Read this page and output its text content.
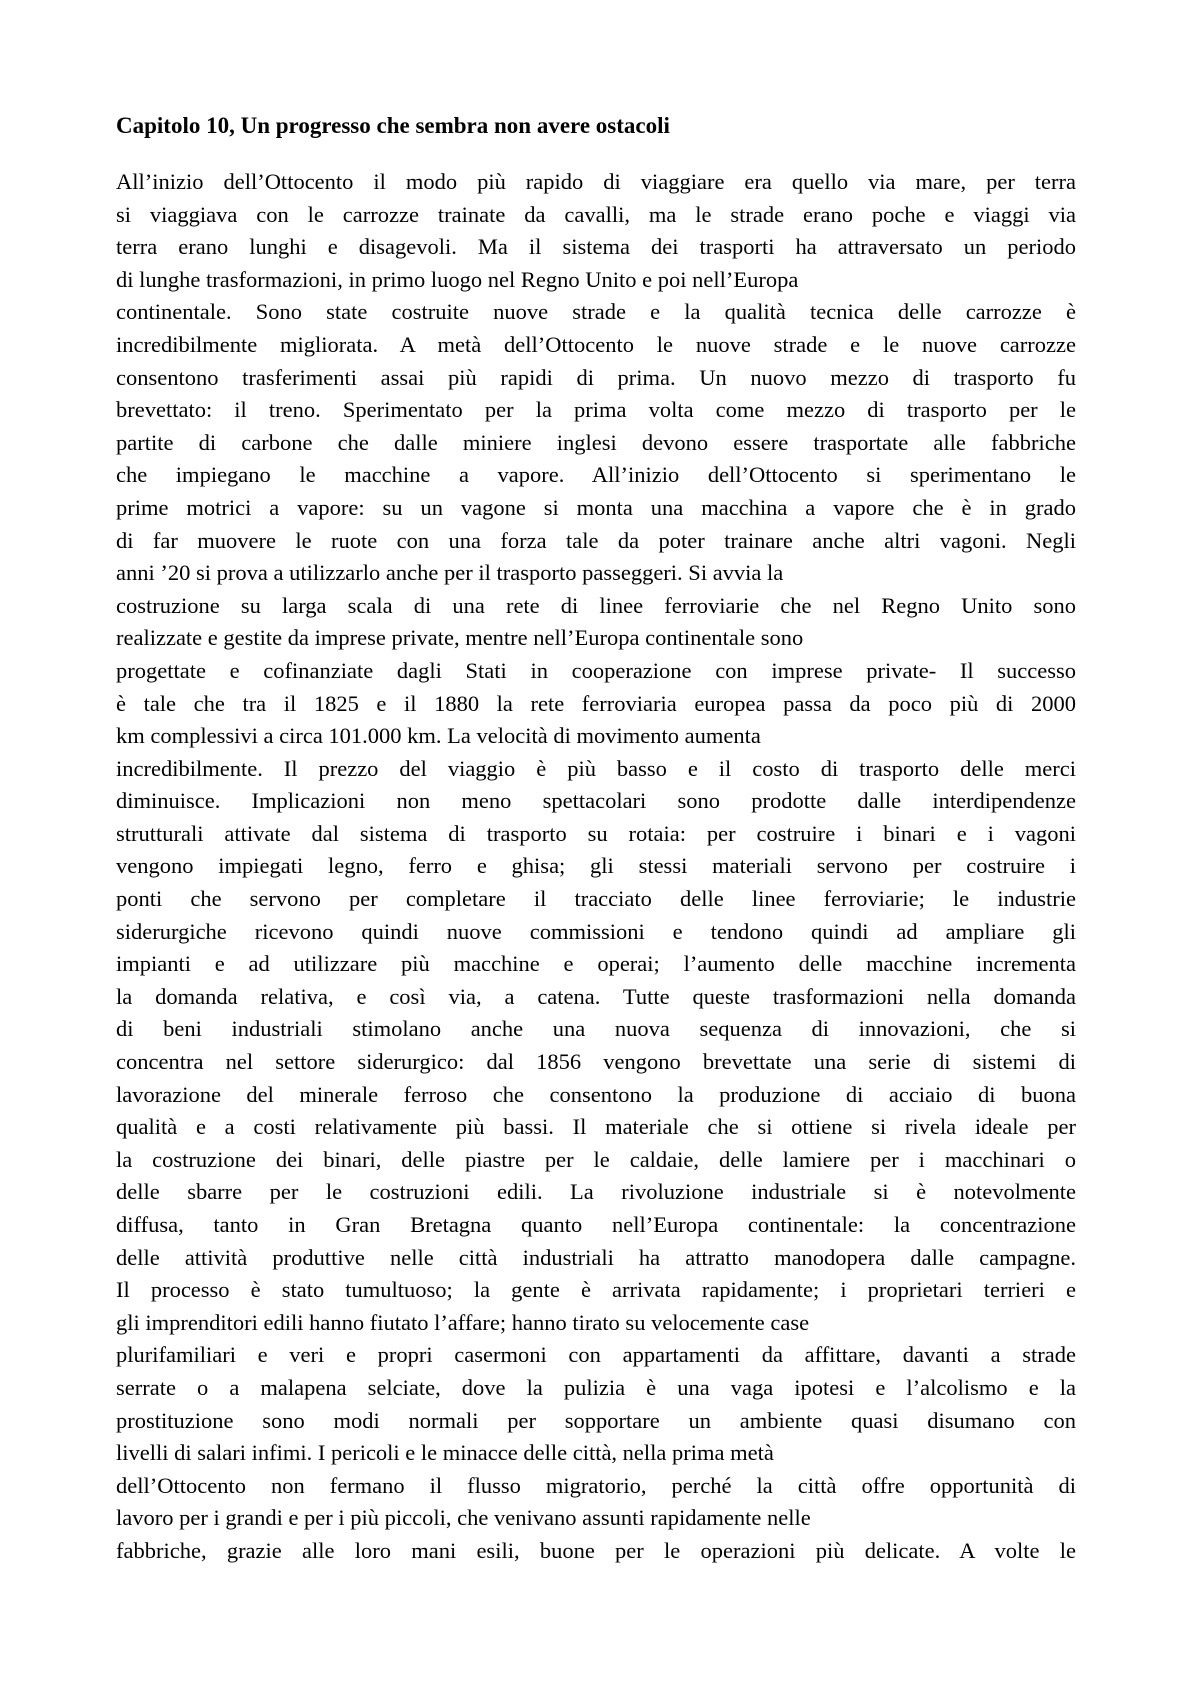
Capitolo 10, Un progresso che sembra non avere ostacoli
All’inizio dell’Ottocento il modo più rapido di viaggiare era quello via mare, per terra
si viaggiava con le carrozze trainate da cavalli, ma le strade erano poche e viaggi via
terra erano lunghi e disagevoli. Ma il sistema dei trasporti ha attraversato un periodo
di lunghe trasformazioni, in primo luogo nel Regno Unito e poi nell’Europa
continentale. Sono state costruite nuove strade e la qualità tecnica delle carrozze è
incredibilmente migliorata. A metà dell’Ottocento le nuove strade e le nuove carrozze
consentono trasferimenti assai più rapidi di prima. Un nuovo mezzo di trasporto fu
brevettato: il treno. Sperimentato per la prima volta come mezzo di trasporto per le
partite di carbone che dalle miniere inglesi devono essere trasportate alle fabbriche
che impiegano le macchine a vapore. All’inizio dell’Ottocento si sperimentano le
prime motrici a vapore: su un vagone si monta una macchina a vapore che è in grado
di far muovere le ruote con una forza tale da poter trainare anche altri vagoni. Negli
anni ’20 si prova a utilizzarlo anche per il trasporto passeggeri. Si avvia la
costruzione su larga scala di una rete di linee ferroviarie che nel Regno Unito sono
realizzate e gestite da imprese private, mentre nell’Europa continentale sono
progettate e cofinanziate dagli Stati in cooperazione con imprese private- Il successo
è tale che tra il 1825 e il 1880 la rete ferroviaria europea passa da poco più di 2000
km complessivi a circa 101.000 km. La velocità di movimento aumenta
incredibilmente. Il prezzo del viaggio è più basso e il costo di trasporto delle merci
diminuisce. Implicazioni non meno spettacolari sono prodotte dalle interdipendenze
strutturali attivate dal sistema di trasporto su rotaia: per costruire i binari e i vagoni
vengono impiegati legno, ferro e ghisa; gli stessi materiali servono per costruire i
ponti che servono per completare il tracciato delle linee ferroviarie; le industrie
siderurgiche ricevono quindi nuove commissioni e tendono quindi ad ampliare gli
impianti e ad utilizzare più macchine e operai; l’aumento delle macchine incrementa
la domanda relativa, e così via, a catena. Tutte queste trasformazioni nella domanda
di beni industriali stimolano anche una nuova sequenza di innovazioni, che si
concentra nel settore siderurgico: dal 1856 vengono brevettate una serie di sistemi di
lavorazione del minerale ferroso che consentono la produzione di acciaio di buona
qualità e a costi relativamente più bassi. Il materiale che si ottiene si rivela ideale per
la costruzione dei binari, delle piastre per le caldaie, delle lamiere per i macchinari o
delle sbarre per le costruzioni edili. La rivoluzione industriale si è notevolmente
diffusa, tanto in Gran Bretagna quanto nell’Europa continentale: la concentrazione
delle attività produttive nelle città industriali ha attratto manodopera dalle campagne.
Il processo è stato tumultuoso; la gente è arrivata rapidamente; i proprietari terrieri e
gli imprenditori edili hanno fiutato l’affare; hanno tirato su velocemente case
plurifamiliari e veri e propri casermoni con appartamenti da affittare, davanti a strade
serrate o a malapena selciate, dove la pulizia è una vaga ipotesi e l’alcolismo e la
prostituzione sono modi normali per sopportare un ambiente quasi disumano con
livelli di salari infimi. I pericoli e le minacce delle città, nella prima metà
dell’Ottocento non fermano il flusso migratorio, perché la città offre opportunità di
lavoro per i grandi e per i più piccoli, che venivano assunti rapidamente nelle
fabbriche, grazie alle loro mani esili, buone per le operazioni più delicate. A volte le
